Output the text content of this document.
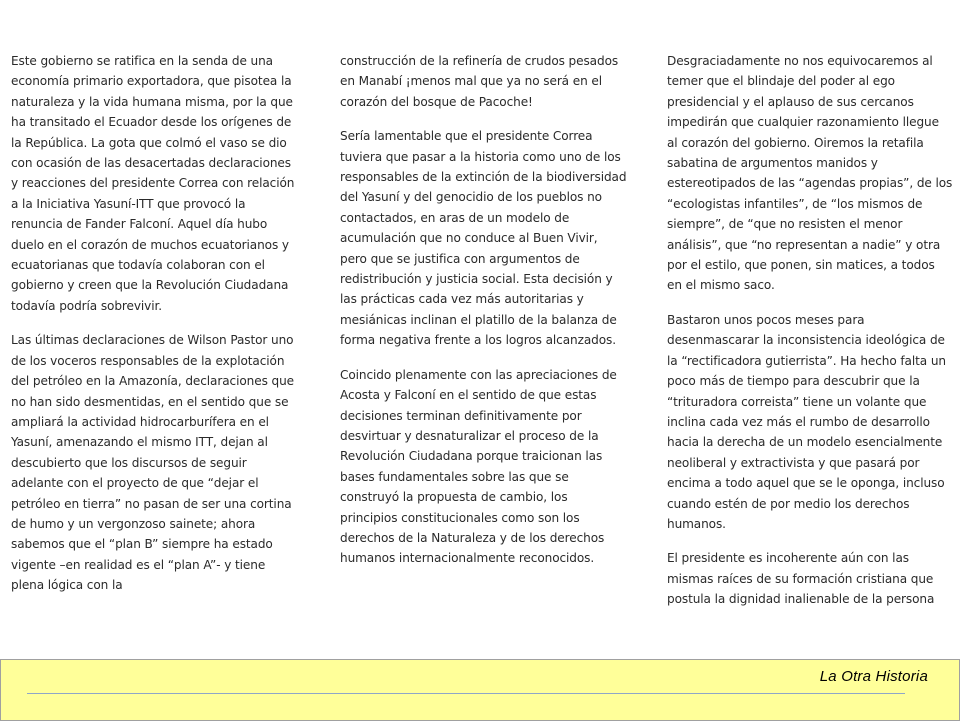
Este gobierno se ratifica en la senda de una economía primario exportadora, que pisotea la naturaleza y la vida humana misma, por la que ha transitado el Ecuador desde los orígenes de la República. La gota que colmó el vaso se dio con ocasión de las desacertadas declaraciones y reacciones del presidente Correa con relación a la Iniciativa Yasuní-ITT que provocó la renuncia de Fander Falconí. Aquel día hubo duelo en el corazón de muchos ecuatorianos y ecuatorianas que todavía colaboran con el gobierno y creen que la Revolución Ciudadana todavía podría sobrevivir.

Las últimas declaraciones de Wilson Pastor uno de los voceros responsables de la explotación del petróleo en la Amazonía, declaraciones que no han sido desmentidas, en el sentido que se ampliará la actividad hidrocarburífera en el Yasuní, amenazando el mismo ITT, dejan al descubierto que los discursos de seguir adelante con el proyecto de que “dejar el petróleo en tierra” no pasan de ser una cortina de humo y un vergonzoso sainete; ahora sabemos que el “plan B” siempre ha estado vigente –en realidad es el “plan A”- y tiene plena lógica con la

construcción de la refinería de crudos pesados en Manabí ¡menos mal que ya no será en el corazón del bosque de Pacoche!

Sería lamentable que el presidente Correa tuviera que pasar a la historia como uno de los responsables de la extinción de la biodiversidad del Yasuní y del genocidio de los pueblos no contactados, en aras de un modelo de acumulación que no conduce al Buen Vivir, pero que se justifica con argumentos de redistribución y justicia social. Esta decisión y las prácticas cada vez más autoritarias y mesiánicas inclinan el platillo de la balanza de forma negativa frente a los logros alcanzados.

Coincido plenamente con las apreciaciones de Acosta y Falconí en el sentido de que estas decisiones terminan definitivamente por desvirtuar y desnaturalizar el proceso de la Revolución Ciudadana porque traicionan las bases fundamentales sobre las que se construyó la propuesta de cambio, los principios constitucionales como son los derechos de la Naturaleza y de los derechos humanos internacionalmente reconocidos.

Desgraciadamente no nos equivocaremos al temer que el blindaje del poder al ego presidencial y el aplauso de sus cercanos impedirán que cualquier razonamiento llegue al corazón del gobierno. Oiremos la retafila sabatina de argumentos manidos y estereotipados de las “agendas propias”, de los “ecologistas infantiles”, de “los mismos de siempre”, de “que no resisten el menor análisis”, que “no representan a nadie” y otra por el estilo, que ponen, sin matices, a todos en el mismo saco.

Bastaron unos pocos meses para desenmascarar la inconsistencia ideológica de la “rectificadora gutierrista”. Ha hecho falta un poco más de tiempo para descubrir que la “trituradora correista” tiene un volante que inclina cada vez más el rumbo de desarrollo hacia la derecha de un modelo esencialmente neoliberal y extractivista y que pasará por encima a todo aquel que se le oponga, incluso cuando estén de por medio los derechos humanos.

El presidente es incoherente aún con las mismas raíces de su formación cristiana que postula la dignidad inalienable de la persona

La Otra Historia
